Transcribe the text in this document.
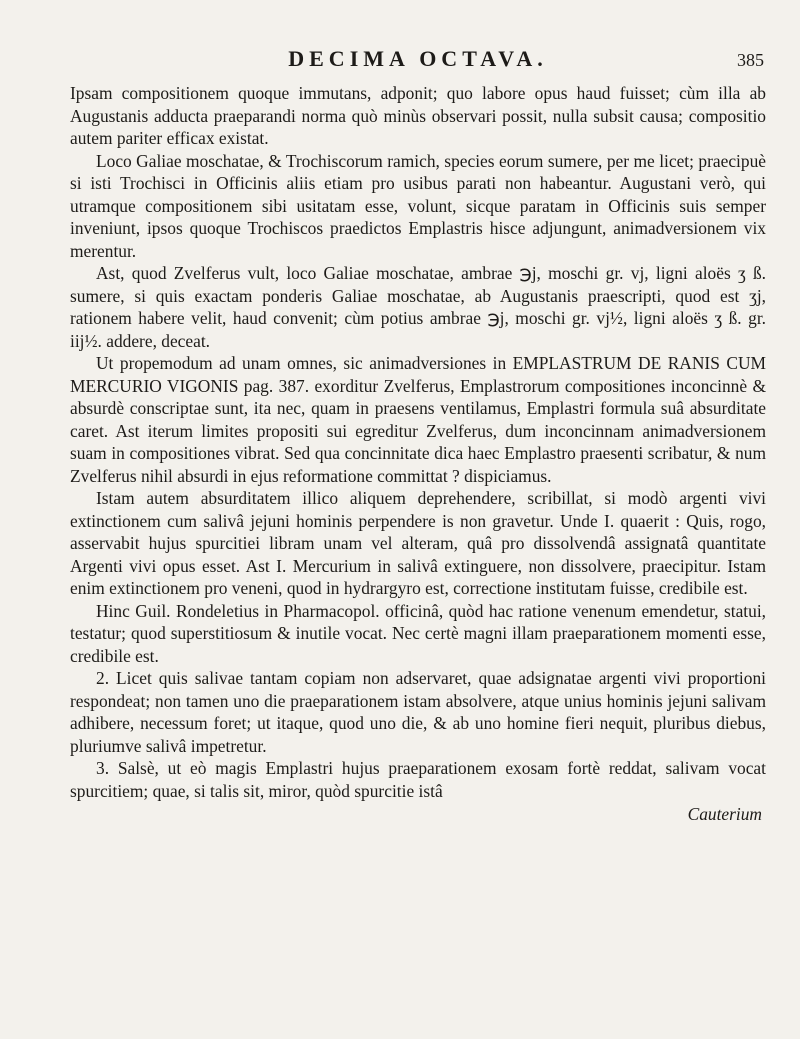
DECIMA OCTAVA.	385

Ipsam compositionem quoque immutans, adponit; quo labore opus haud fuisset; cùm illa ab Augustanis adducta praeparandi norma quò minùs observari possit, nulla subsit causa; compositio autem pariter efficax existat.

Loco Galiae moschatae, & Trochiscorum ramich, species eorum sumere, per me licet; praecipuè si isti Trochisci in Officinis aliis etiam pro usibus parati non habeantur. Augustani verò, qui utramque compositionem sibi usitatam esse, volunt, sicque paratam in Officinis suis semper inveniunt, ipsos quoque Trochiscos praedictos Emplastris hisce adjungunt, animadversionem vix merentur.

Ast, quod Zvelferus vult, loco Galiae moschatae, ambrae ℈j, moschi gr. vj, ligni aloës ʒ ß. sumere, si quis exactam ponderis Galiae moschatae, ab Augustanis praescripti, quod est ʒj, rationem habere velit, haud convenit; cùm potius ambrae ℈j, moschi gr. vj½, ligni aloës ʒ ß. gr. iij½. addere, deceat.

Ut propemodum ad unam omnes, sic animadversiones in EMPLASTRUM DE RANIS CUM MERCURIO VIGONIS pag. 387. exorditur Zvelferus, Emplastrorum compositiones inconcinnè & absurdè conscriptae sunt, ita nec, quam in praesens ventilamus, Emplastri formula suâ absurditate caret. Ast iterum limites propositi sui egreditur Zvelferus, dum inconcinnam animadversionem suam in compositiones vibrat. Sed qua concinnitate dica haec Emplastro praesenti scribatur, & num Zvelferus nihil absurdi in ejus reformatione committat ? dispiciamus.

Istam autem absurditatem illico aliquem deprehendere, scribillat, si modò argenti vivi extinctionem cum salivâ jejuni hominis perpendere is non gravetur. Unde I. quaerit : Quis, rogo, asservabit hujus spurcitiei libram unam vel alteram, quâ pro dissolvendâ assignatâ quantitate Argenti vivi opus esset. Ast I. Mercurium in salivâ extinguere, non dissolvere, praecipitur. Istam enim extinctionem pro veneni, quod in hydrargyro est, correctione institutam fuisse, credibile est.

Hinc Guil. Rondeletius in Pharmacopol. officinâ, quòd hac ratione venenum emendetur, statui, testatur; quod superstitiosum & inutile vocat. Nec certè magni illam praeparationem momenti esse, credibile est.

2. Licet quis salivae tantam copiam non adservaret, quae adsignatae argenti vivi proportioni respondeat; non tamen uno die praeparationem istam absolvere, atque unius hominis jejuni salivam adhibere, necessum foret; ut itaque, quod uno die, & ab uno homine fieri nequit, pluribus diebus, pluriumve salivâ impetretur.

3. Salsè, ut eò magis Emplastri hujus praeparationem exosam fortè reddat, salivam vocat spurcitiem; quae, si talis sit, miror, quòd spurcitie istâ

Cauterium
